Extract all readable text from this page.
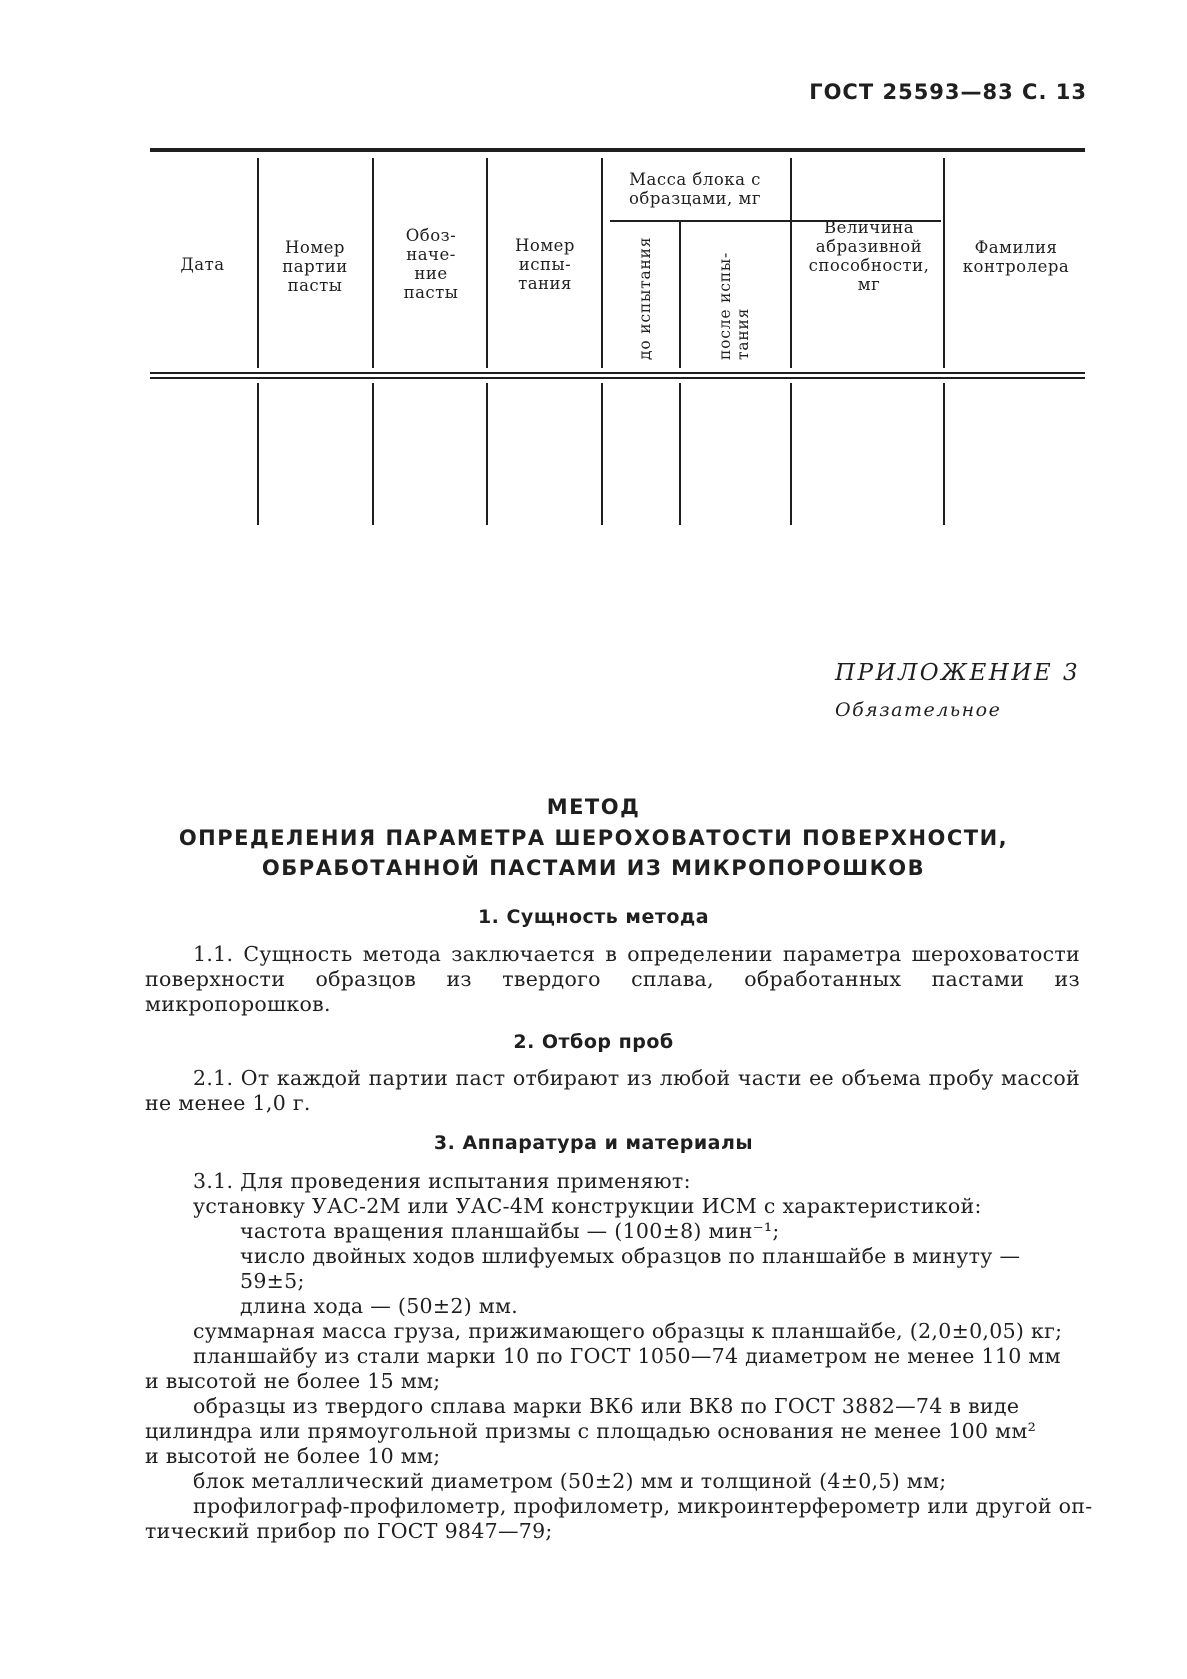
ГОСТ 25593—83 С. 13
Дата
Номер партии пасты
Обоз-наче-ние пасты
Номер испы-тания
Масса блока с образцами, мг
до испытания	после испы-тания
Величина абразивной способности, мг
Фамилия контролера
ПРИЛОЖЕНИЕ 3
Обязательное
МЕТОД
ОПРЕДЕЛЕНИЯ ПАРАМЕТРА ШЕРОХОВАТОСТИ ПОВЕРХНОСТИ,
ОБРАБОТАННОЙ ПАСТАМИ ИЗ МИКРОПОРОШКОВ
1. Сущность метода
1.1. Сущность метода заключается в определении параметра шероховатости поверхности образцов из твердого сплава, обработанных пастами из микропорошков.
2. Отбор проб
2.1. От каждой партии паст отбирают из любой части ее объема пробу массой не менее 1,0 г.
3. Аппаратура и материалы
3.1. Для проведения испытания применяют:
установку УАС-2М или УАС-4М конструкции ИСМ с характеристикой:
частота вращения планшайбы — (100±8) мин⁻¹;
число двойных ходов шлифуемых образцов по планшайбе в минуту —
59±5;
длина хода — (50±2) мм.
суммарная масса груза, прижимающего образцы к планшайбе, (2,0±0,05) кг;
планшайбу из стали марки 10 по ГОСТ 1050—74 диаметром не менее 110 мм
и высотой не более 15 мм;
образцы из твердого сплава марки ВК6 или ВК8 по ГОСТ 3882—74 в виде
цилиндра или прямоугольной призмы с площадью основания не менее 100 мм²
и высотой не более 10 мм;
блок металлический диаметром (50±2) мм и толщиной (4±0,5) мм;
профилограф-профилометр, профилометр, микроинтерферометр или другой оп-
тический прибор по ГОСТ 9847—79;
